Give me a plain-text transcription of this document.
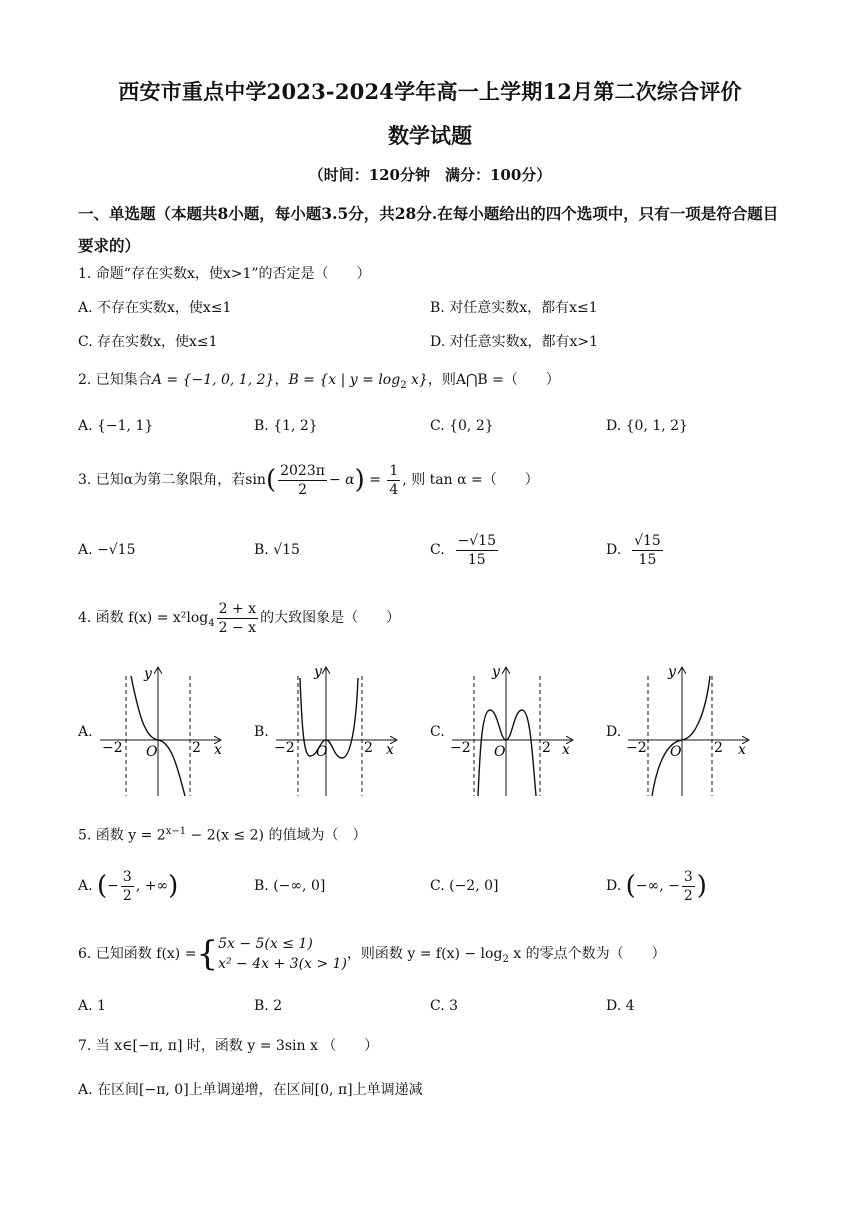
西安市重点中学2023-2024学年高一上学期12月第二次综合评价
数学试题
（时间：120分钟　满分：100分）
一、单选题（本题共8小题，每小题3.5分，共28分.在每小题给出的四个选项中，只有一项是符合题目要求的）
1. 命题“存在实数x，使x>1”的否定是（　　）
A. 不存在实数x，使x≤1	B. 对任意实数x，都有x≤1
C. 存在实数x，使x≤1	D. 对任意实数x，都有x>1
2. 已知集合A = {−1, 0, 1, 2}，B = {x | $y = \log_2 x$}，则A⋂B =（　　）
A. {−1, 1}	B. {1, 2}	C. {0, 2}	D. {0, 1, 2}
3. 已知α为第二象限角，若$\sin( \frac{2023\pi}{2} - \alpha) = \frac{1}{4}$ , 则 tan α =（　　）
A. −√15	B. √15	C. $\frac{-√15}{15}$	D. $\frac{√15}{15}$
4. 函数 $f(x) = x^2\log_4 \frac{2 + x}{2 - x}$ 的大致图象是（　　）
A.	B.	C.	D.
y
x
O
−2	2
y
x
O
−2	2
y
x
O
−2	2
y
x
O
−2	2
5. 函数 $y = 2^{x-1} - 2(x \le 2)$ 的值域为（　）
A. (− $\frac{3}{2}$ , +∞)	B. (−∞, 0]	C. (−2, 0]	D. (−∞, − $\frac{3}{2}$ )
6. 已知函数 f(x) ={ 5x − 5(x ≤ 1)
x² − 4x + 3(x > 1)
，则函数 $y = f(x) - \log_2 x$ 的零点个数为（　　）
A. 1	B. 2	C. 3	D. 4
7. 当 x∈[−π, π] 时，函数 y = 3sin x （　　）
A. 在区间[−π, 0]上单调递增，在区间[0, π]上单调递减
